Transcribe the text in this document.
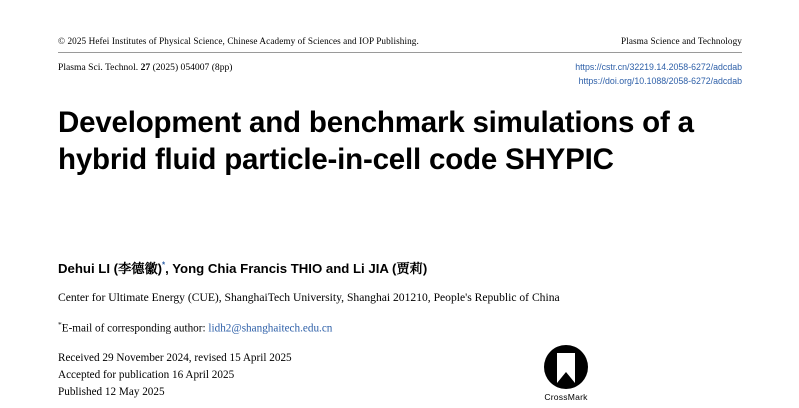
© 2025 Hefei Institutes of Physical Science, Chinese Academy of Sciences and IOP Publishing.	Plasma Science and Technology
Plasma Sci. Technol. 27 (2025) 054007 (8pp)	https://cstr.cn/32219.14.2058-6272/adcdab
https://doi.org/10.1088/2058-6272/adcdab
Development and benchmark simulations of a hybrid fluid particle-in-cell code SHYPIC
Dehui LI (李德徽)*, Yong Chia Francis THIO and Li JIA (贾莉)
Center for Ultimate Energy (CUE), ShanghaiTech University, Shanghai 201210, People's Republic of China
*E-mail of corresponding author: lidh2@shanghaitech.edu.cn
Received 29 November 2024, revised 15 April 2025
Accepted for publication 16 April 2025
Published 12 May 2025	CrossMark
